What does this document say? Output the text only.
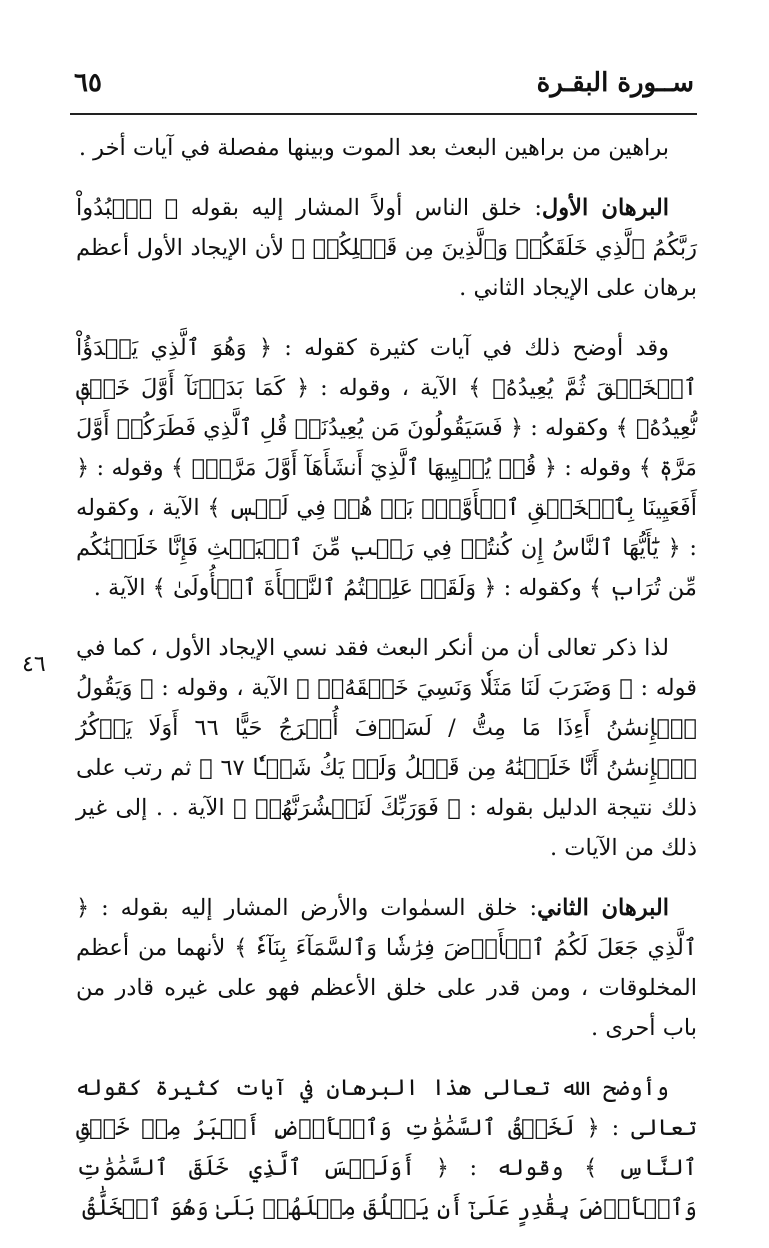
٦٥	ســورة البقـرة
٤٦

براهين من براهين البعث بعد الموت وبينها مفصلة في آيات أخر .

البرهان الأول: خلق الناس أولاً المشار إليه بقوله ﴿ ٱعۡبُدُواْ رَبَّكُمُ ٱلَّذِي خَلَقَكُمۡ وَٱلَّذِينَ مِن قَبۡلِكُمۡ ﴾ لأن الإيجاد الأول أعظم برهان على الإيجاد الثاني .

وقد أوضح ذلك في آيات كثيرة كقوله : ﴿ وَهُوَ ٱلَّذِي يَبۡدَؤُاْ ٱلۡخَلۡقَ ثُمَّ يُعِيدُهُۥ ﴾ الآية ، وقوله : ﴿ كَمَا بَدَأۡنَآ أَوَّلَ خَلۡقٖ نُّعِيدُهُۥ ﴾ وكقوله : ﴿ فَسَيَقُولُونَ مَن يُعِيدُنَاۖ قُلِ ٱلَّذِي فَطَرَكُمۡ أَوَّلَ مَرَّةٖ ﴾ وقوله : ﴿ قُلۡ يُحۡيِيهَا ٱلَّذِيٓ أَنشَأَهَآ أَوَّلَ مَرَّةٖۖ ﴾ وقوله : ﴿ أَفَعَيِينَا بِٱلۡخَلۡقِ ٱلۡأَوَّلِۚ بَلۡ هُمۡ فِي لَبۡسٖ ﴾ الآية ، وكقوله : ﴿ يَٰٓأَيُّهَا ٱلنَّاسُ إِن كُنتُمۡ فِي رَيۡبٖ مِّنَ ٱلۡبَعۡثِ فَإِنَّا خَلَقۡنَٰكُم مِّن تُرَابٖ ﴾ وكقوله : ﴿ وَلَقَدۡ عَلِمۡتُمُ ٱلنَّشۡأَةَ ٱلۡأُولَىٰ ﴾ الآية .

لذا ذكر تعالى أن من أنكر البعث فقد نسي الإيجاد الأول ، كما في قوله : ﴿ وَضَرَبَ لَنَا مَثَلٗا وَنَسِيَ خَلۡقَهُۥۖ ﴾ الآية ، وقوله : ﴿ وَيَقُولُ ٱلۡإِنسَٰنُ أَءِذَا مَا مِتُّ / لَسَوۡفَ أُخۡرَجُ حَيًّا ٦٦ أَوَلَا يَذۡكُرُ ٱلۡإِنسَٰنُ أَنَّا خَلَقۡنَٰهُ مِن قَبۡلُ وَلَمۡ يَكُ شَيۡـٔٗا ٦٧ ﴾ ثم رتب على ذلك نتيجة الدليل بقوله : ﴿ فَوَرَبِّكَ لَنَحۡشُرَنَّهُمۡ ﴾ الآية . . إلى غير ذلك من الآيات .

البرهان الثاني: خلق السمٰوات والأرض المشار إليه بقوله : ﴿ ٱلَّذِي جَعَلَ لَكُمُ ٱلۡأَرۡضَ فِرَٰشٗا وَٱلسَّمَآءَ بِنَآءٗ ﴾ لأنهما من أعظم المخلوقات ، ومن قدر على خلق الأعظم فهو على غيره قادر من باب أحرى .

وأوضح الله تعالى هذا البرهان في آيات كثيرة كقوله تعالى : ﴿ لَخَلۡقُ ٱلسَّمَٰوَٰتِ وَٱلۡأَرۡضِ أَكۡبَرُ مِنۡ خَلۡقِ ٱلنَّاسِ ﴾ وقوله : ﴿ أَوَلَيۡسَ ٱلَّذِي خَلَقَ ٱلسَّمَٰوَٰتِ وَٱلۡأَرۡضَ بِقَٰدِرٍ عَلَىٰٓ أَن يَخۡلُقَ مِثۡلَهُمۚ بَلَىٰ وَهُوَ ٱلۡخَلَّٰقُ
